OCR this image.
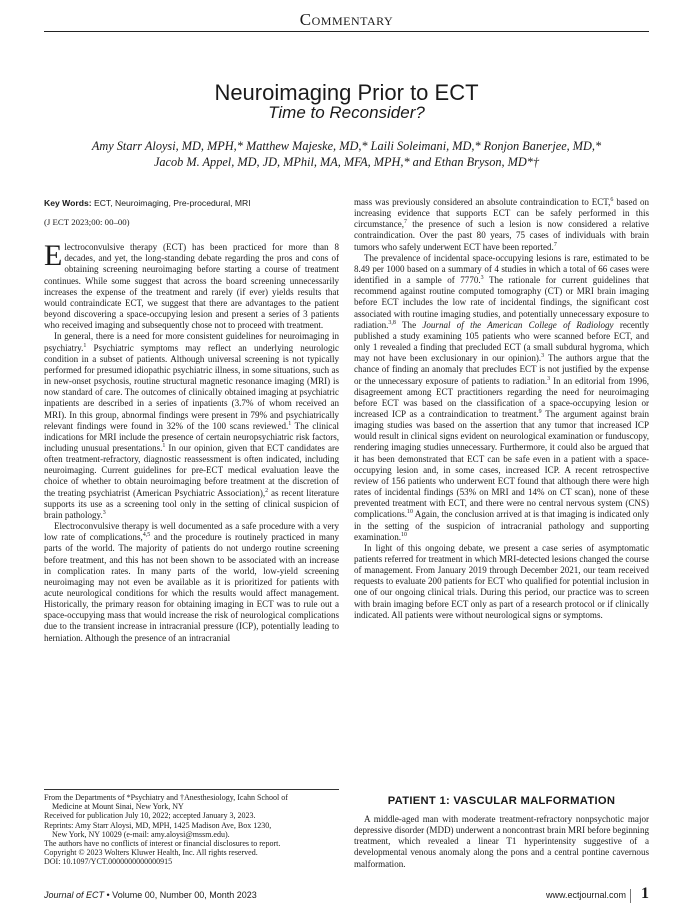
Commentary
Neuroimaging Prior to ECT
Time to Reconsider?
Amy Starr Aloysi, MD, MPH,* Matthew Majeske, MD,* Laili Soleimani, MD,* Ronjon Banerjee, MD,*
Jacob M. Appel, MD, JD, MPhil, MA, MFA, MPH,* and Ethan Bryson, MD*†
Key Words: ECT, Neuroimaging, Pre-procedural, MRI
(J ECT 2023;00: 00–00)

Electroconvulsive therapy (ECT) has been practiced for more than 8 decades, and yet, the long-standing debate regarding the pros and cons of obtaining screening neuroimaging before starting a course of treatment continues. While some suggest that across the board screening unnecessarily increases the expense of the treatment and rarely (if ever) yields results that would contraindicate ECT, we suggest that there are advantages to the patient beyond discovering a space-occupying lesion and present a series of 3 patients who received imaging and subsequently chose not to proceed with treatment.

In general, there is a need for more consistent guidelines for neuroimaging in psychiatry.$^1$ Psychiatric symptoms may reflect an underlying neurologic condition in a subset of patients. Although universal screening is not typically performed for presumed idiopathic psychiatric illness, in some situations, such as in new-onset psychosis, routine structural magnetic resonance imaging (MRI) is now standard of care. The outcomes of clinically obtained imaging at psychiatric inpatients are described in a series of inpatients (3.7% of whom received an MRI). In this group, abnormal findings were present in 79% and psychiatrically relevant findings were found in 32% of the 100 scans reviewed.$^1$ The clinical indications for MRI include the presence of certain neuropsychiatric risk factors, including unusual presentations.$^1$ In our opinion, given that ECT candidates are often treatment-refractory, diagnostic reassessment is often indicated, including neuroimaging. Current guidelines for pre-ECT medical evaluation leave the choice of whether to obtain neuroimaging before treatment at the discretion of the treating psychiatrist (American Psychiatric Association),$^2$ as recent literature supports its use as a screening tool only in the setting of clinical suspicion of brain pathology.$^3$

Electroconvulsive therapy is well documented as a safe procedure with a very low rate of complications,$^{4,5}$ and the procedure is routinely practiced in many parts of the world. The majority of patients do not undergo routine screening before treatment, and this has not been shown to be associated with an increase in complication rates. In many parts of the world, low-yield screening neuroimaging may not even be available as it is prioritized for patients with acute neurological conditions for which the results would affect management. Historically, the primary reason for obtaining imaging in ECT was to rule out a space-occupying mass that would increase the risk of neurological complications due to the transient increase in intracranial pressure (ICP), potentially leading to herniation. Although the presence of an intracranial

mass was previously considered an absolute contraindication to ECT,$^6$ based on increasing evidence that supports ECT can be safely performed in this circumstance,$^7$ the presence of such a lesion is now considered a relative contraindication. Over the past 80 years, 75 cases of individuals with brain tumors who safely underwent ECT have been reported.$^7$

The prevalence of incidental space-occupying lesions is rare, estimated to be 8.49 per 1000 based on a summary of 4 studies in which a total of 66 cases were identified in a sample of 7770.$^3$ The rationale for current guidelines that recommend against routine computed tomography (CT) or MRI brain imaging before ECT includes the low rate of incidental findings, the significant cost associated with routine imaging studies, and potentially unnecessary exposure to radiation.$^{3,8}$ The Journal of the American College of Radiology recently published a study examining 105 patients who were scanned before ECT, and only 1 revealed a finding that precluded ECT (a small subdural hygroma, which may not have been exclusionary in our opinion).$^3$ The authors argue that the chance of finding an anomaly that precludes ECT is not justified by the expense or the unnecessary exposure of patients to radiation.$^3$ In an editorial from 1996, disagreement among ECT practitioners regarding the need for neuroimaging before ECT was based on the classification of a space-occupying lesion or increased ICP as a contraindication to treatment.$^9$ The argument against brain imaging studies was based on the assertion that any tumor that increased ICP would result in clinical signs evident on neurological examination or funduscopy, rendering imaging studies unnecessary. Furthermore, it could also be argued that it has been demonstrated that ECT can be safe even in a patient with a space-occupying lesion and, in some cases, increased ICP. A recent retrospective review of 156 patients who underwent ECT found that although there were high rates of incidental findings (53% on MRI and 14% on CT scan), none of these prevented treatment with ECT, and there were no central nervous system (CNS) complications.$^{10}$ Again, the conclusion arrived at is that imaging is indicated only in the setting of the suspicion of intracranial pathology and supporting examination.$^{10}$

In light of this ongoing debate, we present a case series of asymptomatic patients referred for treatment in which MRI-detected lesions changed the course of management. From January 2019 through December 2021, our team received requests to evaluate 200 patients for ECT who qualified for potential inclusion in one of our ongoing clinical trials. During this period, our practice was to screen with brain imaging before ECT only as part of a research protocol or if clinically indicated. All patients were without neurological signs or symptoms.

From the Departments of *Psychiatry and †Anesthesiology, Icahn School of
Medicine at Mount Sinai, New York, NY
Received for publication July 10, 2022; accepted January 3, 2023.
Reprints: Amy Starr Aloysi, MD, MPH, 1425 Madison Ave, Box 1230,
New York, NY 10029 (e-mail: amy.aloysi@mssm.edu).
The authors have no conflicts of interest or financial disclosures to report.
Copyright © 2023 Wolters Kluwer Health, Inc. All rights reserved.
DOI: 10.1097/YCT.0000000000000915
PATIENT 1: VASCULAR MALFORMATION

A middle-aged man with moderate treatment-refractory nonpsychotic major depressive disorder (MDD) underwent a noncontrast brain MRI before beginning treatment, which revealed a linear T1 hyperintensity suggestive of a developmental venous anomaly along the pons and a central pontine cavernous malformation.

Journal of ECT • Volume 00, Number 00, Month 2023	www.ectjournal.com 1
